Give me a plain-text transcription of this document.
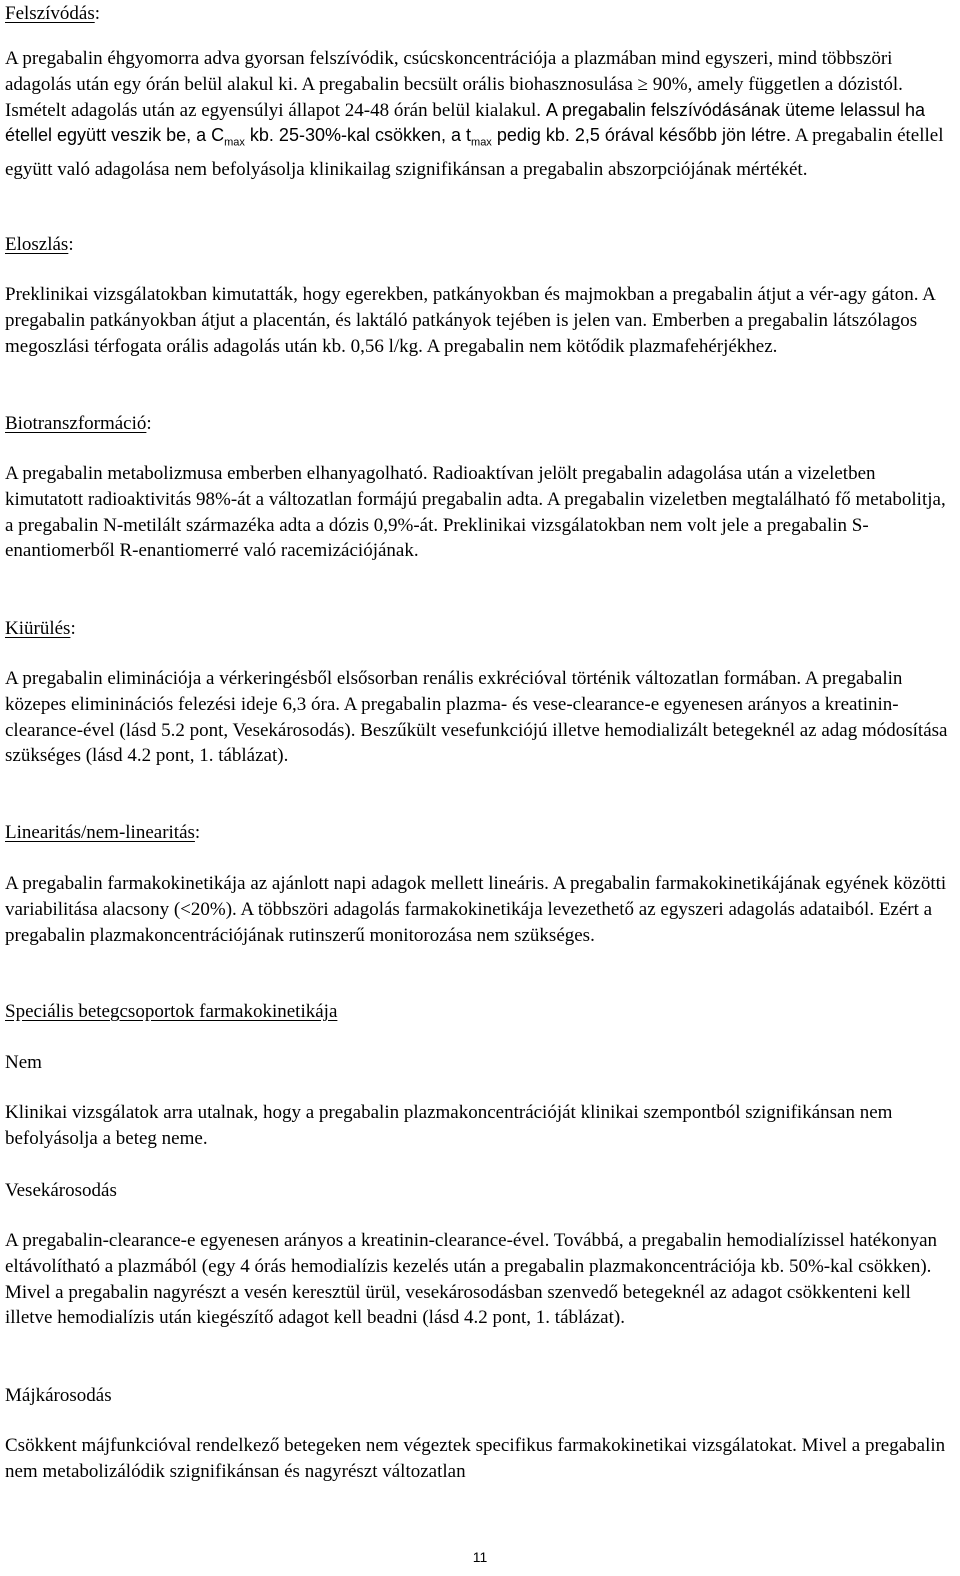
Felszívódás:
A pregabalin éhgyomorra adva gyorsan felszívódik, csúcskoncentrációja a plazmában mind egyszeri, mind többszöri adagolás után egy órán belül alakul ki. A pregabalin becsült orális biohasznosulása ≥ 90%, amely független a dózistól. Ismételt adagolás után az egyensúlyi állapot 24-48 órán belül kialakul. A pregabalin felszívódásának üteme lelassul ha étellel együtt veszik be, a $C_{max}$ kb. 25-30%-kal csökken, a $t_{max}$ pedig kb. 2,5 órával később jön létre. A pregabalin étellel együtt való adagolása nem befolyásolja klinikailag szignifikánsan a pregabalin abszorpciójának mértékét.
Eloszlás:
Preklinikai vizsgálatokban kimutatták, hogy egerekben, patkányokban és majmokban a pregabalin átjut a vér-agy gáton. A pregabalin patkányokban átjut a placentán, és laktáló patkányok tejében is jelen van. Emberben a pregabalin látszólagos megoszlási térfogata orális adagolás után kb. 0,56 l/kg. A pregabalin nem kötődik plazmafehérjékhez.
Biotranszformáció:
A pregabalin metabolizmusa emberben elhanyagolható. Radioaktívan jelölt pregabalin adagolása után a vizeletben kimutatott radioaktivitás 98%-át a változatlan formájú pregabalin adta. A pregabalin vizeletben megtalálható fő metabolitja, a pregabalin N-metilált származéka adta a dózis 0,9%-át. Preklinikai vizsgálatokban nem volt jele a pregabalin S-enantiomerből R-enantiomerré való racemizációjának.
Kiürülés:
A pregabalin eliminációja a vérkeringésből elsősorban renális exkrécióval történik változatlan formában. A pregabalin közepes elimininációs felezési ideje 6,3 óra. A pregabalin plazma- és vese-clearance-e egyenesen arányos a kreatinin-clearance-ével (lásd 5.2 pont, Vesekárosodás). Beszűkült vesefunkciójú illetve hemodializált betegeknél az adag módosítása szükséges (lásd 4.2 pont, 1. táblázat).
Linearitás/nem-linearitás:
A pregabalin farmakokinetikája az ajánlott napi adagok mellett lineáris. A pregabalin farmakokinetikájának egyének közötti variabilitása alacsony (<20%). A többszöri adagolás farmakokinetikája levezethető az egyszeri adagolás adataiból. Ezért a pregabalin plazmakoncentrációjának rutinszerű monitorozása nem szükséges.
Speciális betegcsoportok farmakokinetikája
Nem
Klinikai vizsgálatok arra utalnak, hogy a pregabalin plazmakoncentrációját klinikai szempontból szignifikánsan nem befolyásolja a beteg neme.
Vesekárosodás
A pregabalin-clearance-e egyenesen arányos a kreatinin-clearance-ével. Továbbá, a pregabalin hemodialízissel hatékonyan eltávolítható a plazmából (egy 4 órás hemodialízis kezelés után a pregabalin plazmakoncentrációja kb. 50%-kal csökken). Mivel a pregabalin nagyrészt a vesén keresztül ürül, vesekárosodásban szenvedő betegeknél az adagot csökkenteni kell illetve hemodialízis után kiegészítő adagot kell beadni (lásd 4.2 pont, 1. táblázat).
Májkárosodás
Csökkent májfunkcióval rendelkező betegeken nem végeztek specifikus farmakokinetikai vizsgálatokat. Mivel a pregabalin nem metabolizálódik szignifikánsan és nagyrészt változatlan
11
